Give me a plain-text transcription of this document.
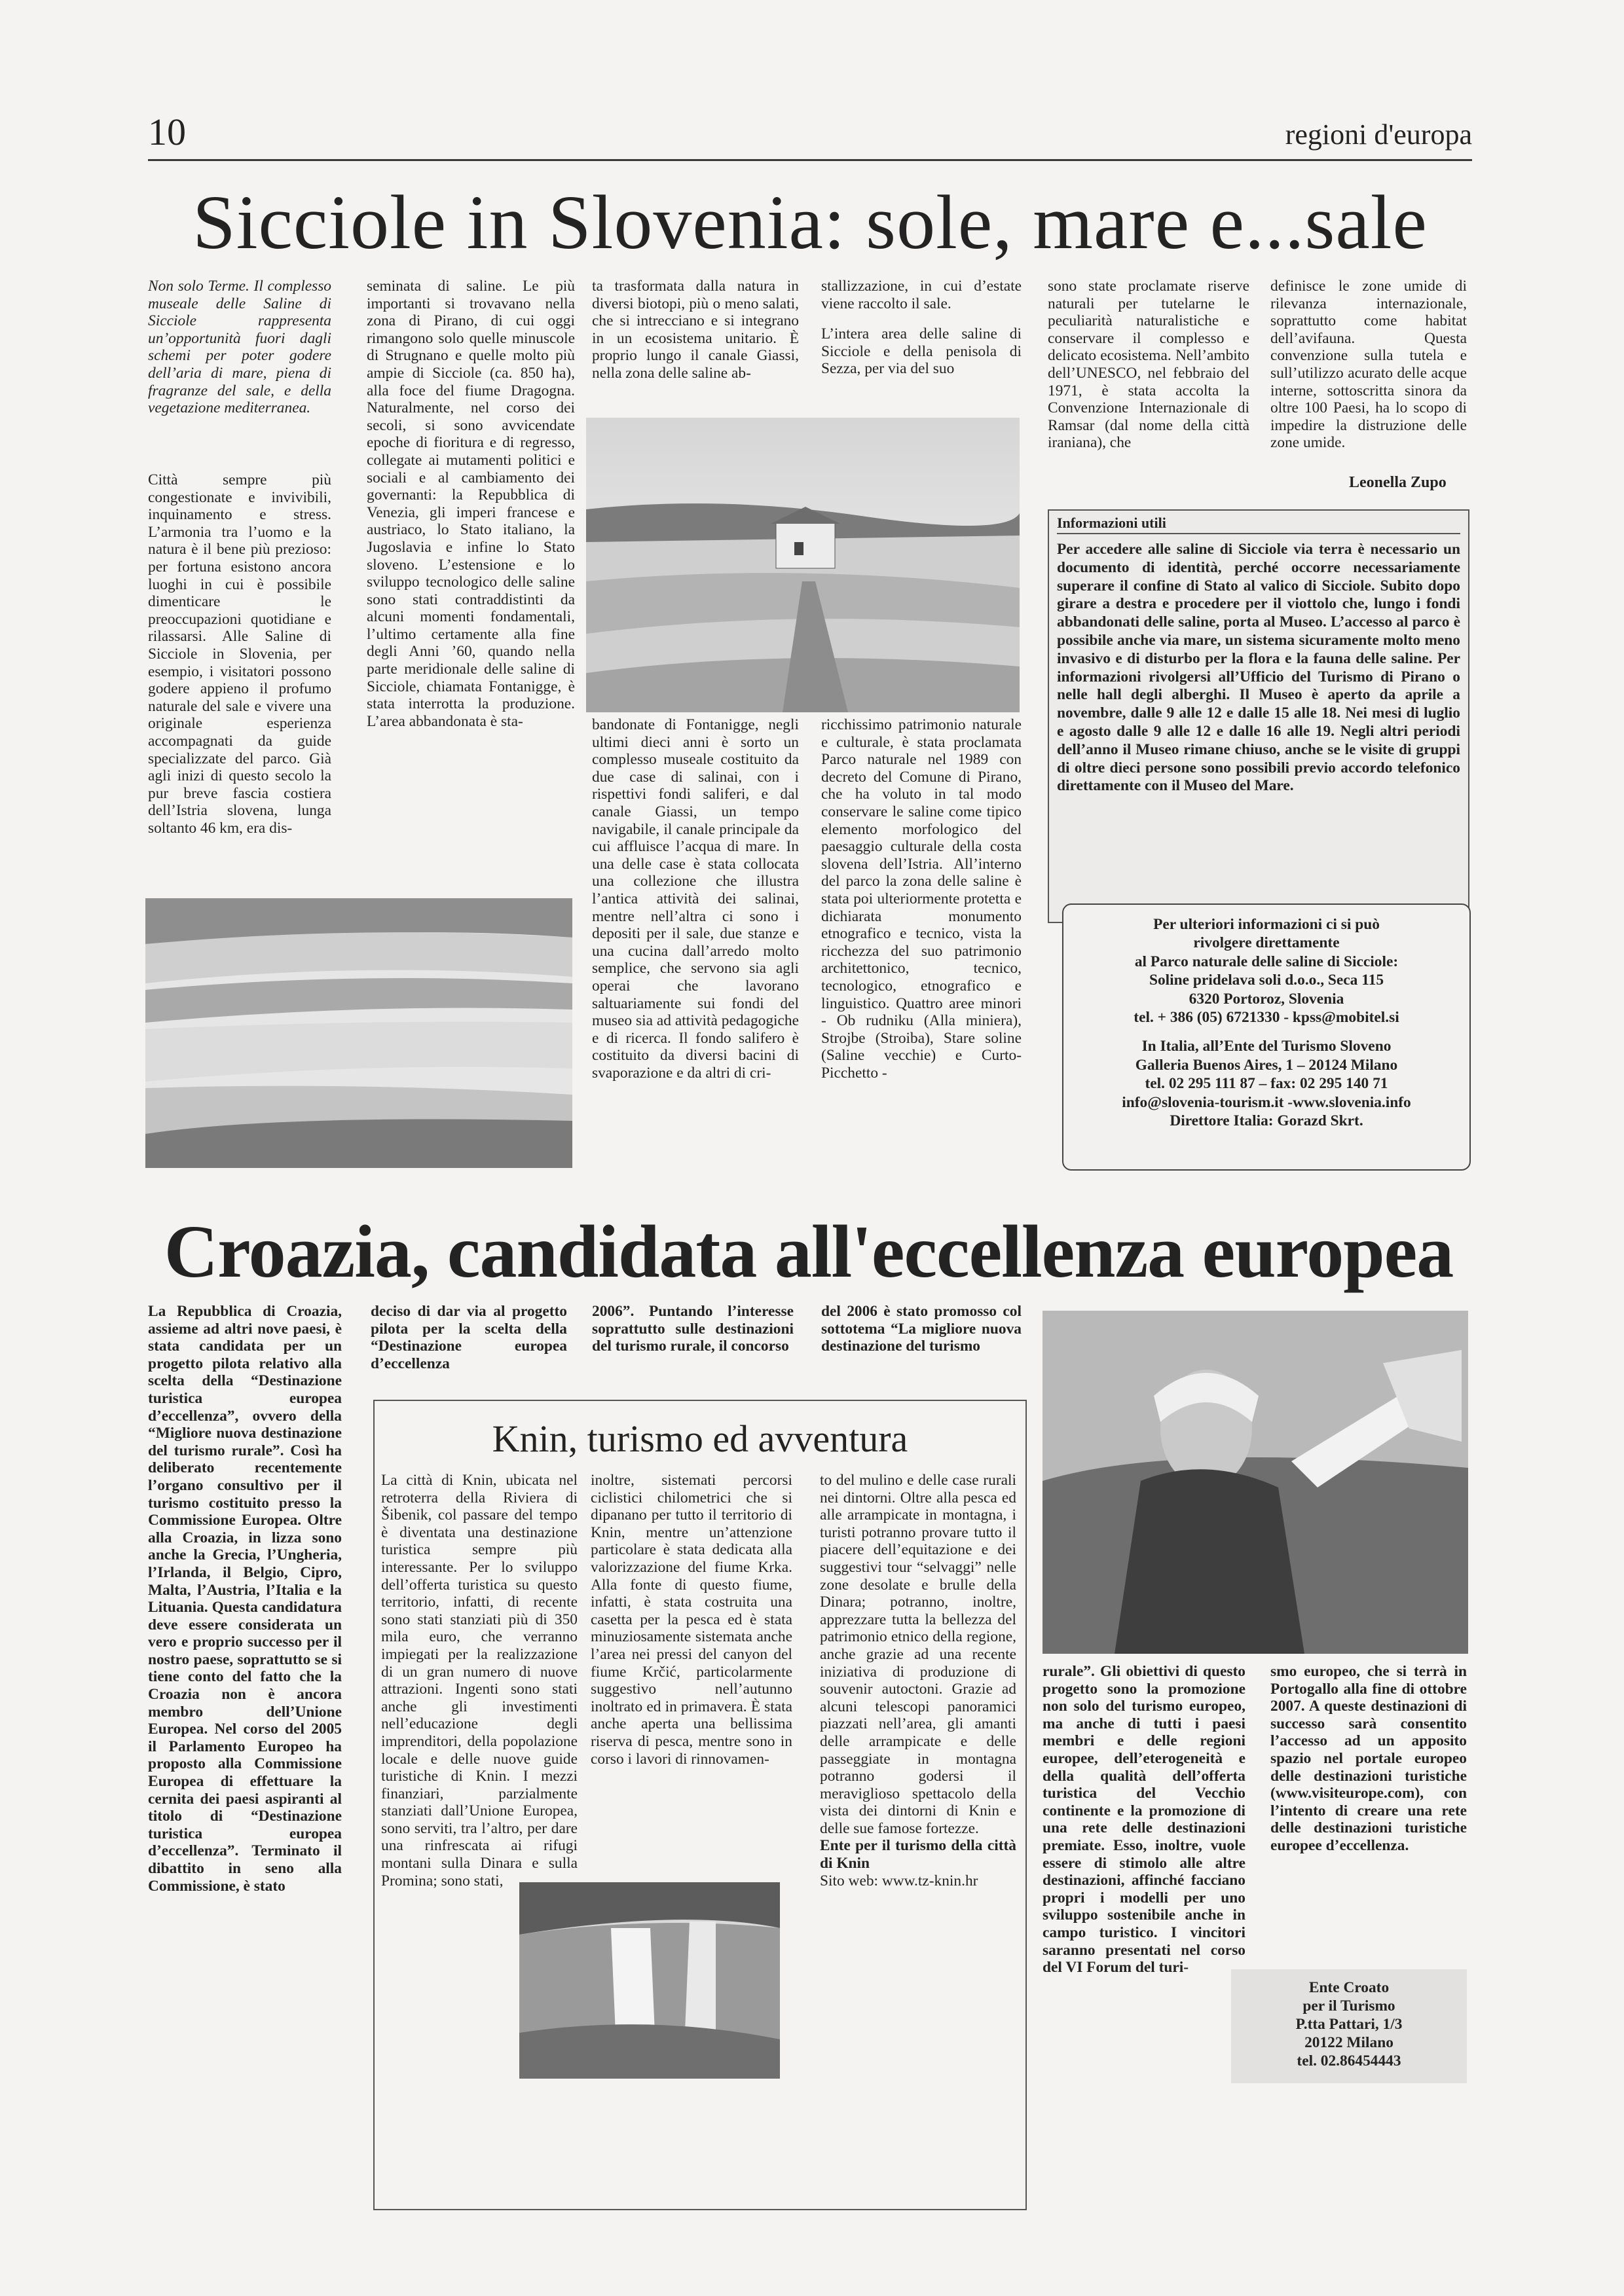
10	regioni d'europa
Sicciole in Slovenia: sole, mare e...sale
Non solo Terme. Il complesso museale delle Saline di Sicciole rappresenta un’opportunità fuori dagli schemi per poter godere dell’aria di mare, piena di fragranze del sale, e della vegetazione mediterranea.
Città sempre più congestionate e invivibili, inquinamento e stress. L’armonia tra l’uomo e la natura è il bene più prezioso: per fortuna esistono ancora luoghi in cui è possibile dimenticare le preoccupazioni quotidiane e rilassarsi. Alle Saline di Sicciole in Slovenia, per esempio, i visitatori possono godere appieno il profumo naturale del sale e vivere una originale esperienza accompagnati da guide specializzate del parco. Già agli inizi di questo secolo la pur breve fascia costiera dell’Istria slovena, lunga soltanto 46 km, era dis-
seminata di saline. Le più importanti si trovavano nella zona di Pirano, di cui oggi rimangono solo quelle minuscole di Strugnano e quelle molto più ampie di Sicciole (ca. 850 ha), alla foce del fiume Dragogna. Naturalmente, nel corso dei secoli, si sono avvicendate epoche di fioritura e di regresso, collegate ai mutamenti politici e sociali e al cambiamento dei governanti: la Repubblica di Venezia, gli imperi francese e austriaco, lo Stato italiano, la Jugoslavia e infine lo Stato sloveno. L’estensione e lo sviluppo tecnologico delle saline sono stati contraddistinti da alcuni momenti fondamentali, l’ultimo certamente alla fine degli Anni ’60, quando nella parte meridionale delle saline di Sicciole, chiamata Fontanigge, è stata interrotta la produzione. L’area abbandonata è sta-
ta trasformata dalla natura in diversi biotopi, più o meno salati, che si intrecciano e si integrano in un ecosistema unitario. È proprio lungo il canale Giassi, nella zona delle saline ab-

stallizzazione, in cui d’estate viene raccolto il sale.

L’intera area delle saline di Sicciole e della penisola di Sezza, per via del suo

bandonate di Fontanigge, negli ultimi dieci anni è sorto un complesso museale costituito da due case di salinai, con i rispettivi fondi saliferi, e dal canale Giassi, un tempo navigabile, il canale principale da cui affluisce l’acqua di mare. In una delle case è stata collocata una collezione che illustra l’antica attività dei salinai, mentre nell’altra ci sono i depositi per il sale, due stanze e una cucina dall’arredo molto semplice, che servono sia agli operai che lavorano saltuariamente sui fondi del museo sia ad attività pedagogiche e di ricerca. Il fondo salifero è costituito da diversi bacini di svaporazione e da altri di cri-
ricchissimo patrimonio naturale e culturale, è stata proclamata Parco naturale nel 1989 con decreto del Comune di Pirano, che ha voluto in tal modo conservare le saline come tipico elemento morfologico del paesaggio culturale della costa slovena dell’Istria. All’interno del parco la zona delle saline è stata poi ulteriormente protetta e dichiarata monumento etnografico e tecnico, vista la ricchezza del suo patrimonio architettonico, tecnico, tecnologico, etnografico e linguistico. Quattro aree minori - Ob rudniku (Alla miniera), Strojbe (Stroiba), Stare soline (Saline vecchie) e Curto-Picchetto -
sono state proclamate riserve naturali per tutelarne le peculiarità naturalistiche e conservare il complesso e delicato ecosistema. Nell’ambito dell’UNESCO, nel febbraio del 1971, è stata accolta la Convenzione Internazionale di Ramsar (dal nome della città iraniana), che
definisce le zone umide di rilevanza internazionale, soprattutto come habitat dell’avifauna. Questa convenzione sulla tutela e sull’utilizzo acurato delle acque interne, sottoscritta sinora da oltre 100 Paesi, ha lo scopo di impedire la distruzione delle zone umide.
Leonella Zupo
Informazioni utili
Per accedere alle saline di Sicciole via terra è necessario un documento di identità, perché occorre necessariamente superare il confine di Stato al valico di Sicciole. Subito dopo girare a destra e procedere per il viottolo che, lungo i fondi abbandonati delle saline, porta al Museo. L’accesso al parco è possibile anche via mare, un sistema sicuramente molto meno invasivo e di disturbo per la flora e la fauna delle saline. Per informazioni rivolgersi all’Ufficio del Turismo di Pirano o nelle hall degli alberghi. Il Museo è aperto da aprile a novembre, dalle 9 alle 12 e dalle 15 alle 18. Nei mesi di luglio e agosto dalle 9 alle 12 e dalle 16 alle 19. Negli altri periodi dell’anno il Museo rimane chiuso, anche se le visite di gruppi di oltre dieci persone sono possibili previo accordo telefonico direttamente con il Museo del Mare.
Per ulteriori informazioni ci si può
rivolgere direttamente
al Parco naturale delle saline di Sicciole:
Soline pridelava soli d.o.o., Seca 115
6320 Portoroz, Slovenia
tel. + 386 (05) 6721330 - kpss@mobitel.si
In Italia, all’Ente del Turismo Sloveno
Galleria Buenos Aires, 1 – 20124 Milano
tel. 02 295 111 87 – fax: 02 295 140 71
info@slovenia-tourism.it -www.slovenia.info
Direttore Italia: Gorazd Skrt.
Croazia, candidata all'eccellenza europea
La Repubblica di Croazia, assieme ad altri nove paesi, è stata candidata per un progetto pilota relativo alla scelta della “Destinazione turistica europea d’eccellenza”, ovvero della “Migliore nuova destinazione del turismo rurale”. Così ha deliberato recentemente l’organo consultivo per il turismo costituito presso la Commissione Europea. Oltre alla Croazia, in lizza sono anche la Grecia, l’Ungheria, l’Irlanda, il Belgio, Cipro, Malta, l’Austria, l’Italia e la Lituania. Questa candidatura deve essere considerata un vero e proprio successo per il nostro paese, soprattutto se si tiene conto del fatto che la Croazia non è ancora membro dell’Unione Europea. Nel corso del 2005 il Parlamento Europeo ha proposto alla Commissione Europea di effettuare la cernita dei paesi aspiranti al titolo di “Destinazione turistica europea d’eccellenza”. Terminato il dibattito in seno alla Commissione, è stato
deciso di dar via al progetto pilota per la scelta della “Destinazione europea d’eccellenza
2006”. Puntando l’interesse soprattutto sulle destinazioni del turismo rurale, il concorso
del 2006 è stato promosso col sottotema “La migliore nuova destinazione del turismo
Knin, turismo ed avventura
La città di Knin, ubicata nel retroterra della Riviera di Šibenik, col passare del tempo è diventata una destinazione turistica sempre più interessante. Per lo sviluppo dell’offerta turistica su questo territorio, infatti, di recente sono stati stanziati più di 350 mila euro, che verranno impiegati per la realizzazione di un gran numero di nuove attrazioni. Ingenti sono stati anche gli investimenti nell’educazione degli imprenditori, della popolazione locale e delle nuove guide turistiche di Knin. I mezzi finanziari, parzialmente stanziati dall’Unione Europea, sono serviti, tra l’altro, per dare una rinfrescata ai rifugi montani sulla Dinara e sulla Promina; sono stati,
inoltre, sistemati percorsi ciclistici chilometrici che si dipanano per tutto il territorio di Knin, mentre un’attenzione particolare è stata dedicata alla valorizzazione del fiume Krka. Alla fonte di questo fiume, infatti, è stata costruita una casetta per la pesca ed è stata minuziosamente sistemata anche l’area nei pressi del canyon del fiume Krčić, particolarmente suggestivo nell’autunno inoltrato ed in primavera. È stata anche aperta una bellissima riserva di pesca, mentre sono in corso i lavori di rinnovamen-
to del mulino e delle case rurali nei dintorni. Oltre alla pesca ed alle arrampicate in montagna, i turisti potranno provare tutto il piacere dell’equitazione e dei suggestivi tour “selvaggi” nelle zone desolate e brulle della Dinara; potranno, inoltre, apprezzare tutta la bellezza del patrimonio etnico della regione, anche grazie ad una recente iniziativa di produzione di souvenir autoctoni. Grazie ad alcuni telescopi panoramici piazzati nell’area, gli amanti delle arrampicate e delle passeggiate in montagna potranno godersi il meraviglioso spettacolo della vista dei dintorni di Knin e delle sue famose fortezze.
Ente per il turismo della città di Knin
Sito web: www.tz-knin.hr
rurale”. Gli obiettivi di questo progetto sono la promozione non solo del turismo europeo, ma anche di tutti i paesi membri e delle regioni europee, dell’eterogeneità e della qualità dell’offerta turistica del Vecchio continente e la promozione di una rete delle destinazioni premiate. Esso, inoltre, vuole essere di stimolo alle altre destinazioni, affinché facciano propri i modelli per uno sviluppo sostenibile anche in campo turistico. I vincitori saranno presentati nel corso del VI Forum del turi-
smo europeo, che si terrà in Portogallo alla fine di ottobre 2007. A queste destinazioni di successo sarà consentito l’accesso ad un apposito spazio nel portale europeo delle destinazioni turistiche (www.visiteurope.com), con l’intento di creare una rete delle destinazioni turistiche europee d’eccellenza.
Ente Croato
per il Turismo
P.tta Pattari, 1/3
20122 Milano
tel. 02.86454443
